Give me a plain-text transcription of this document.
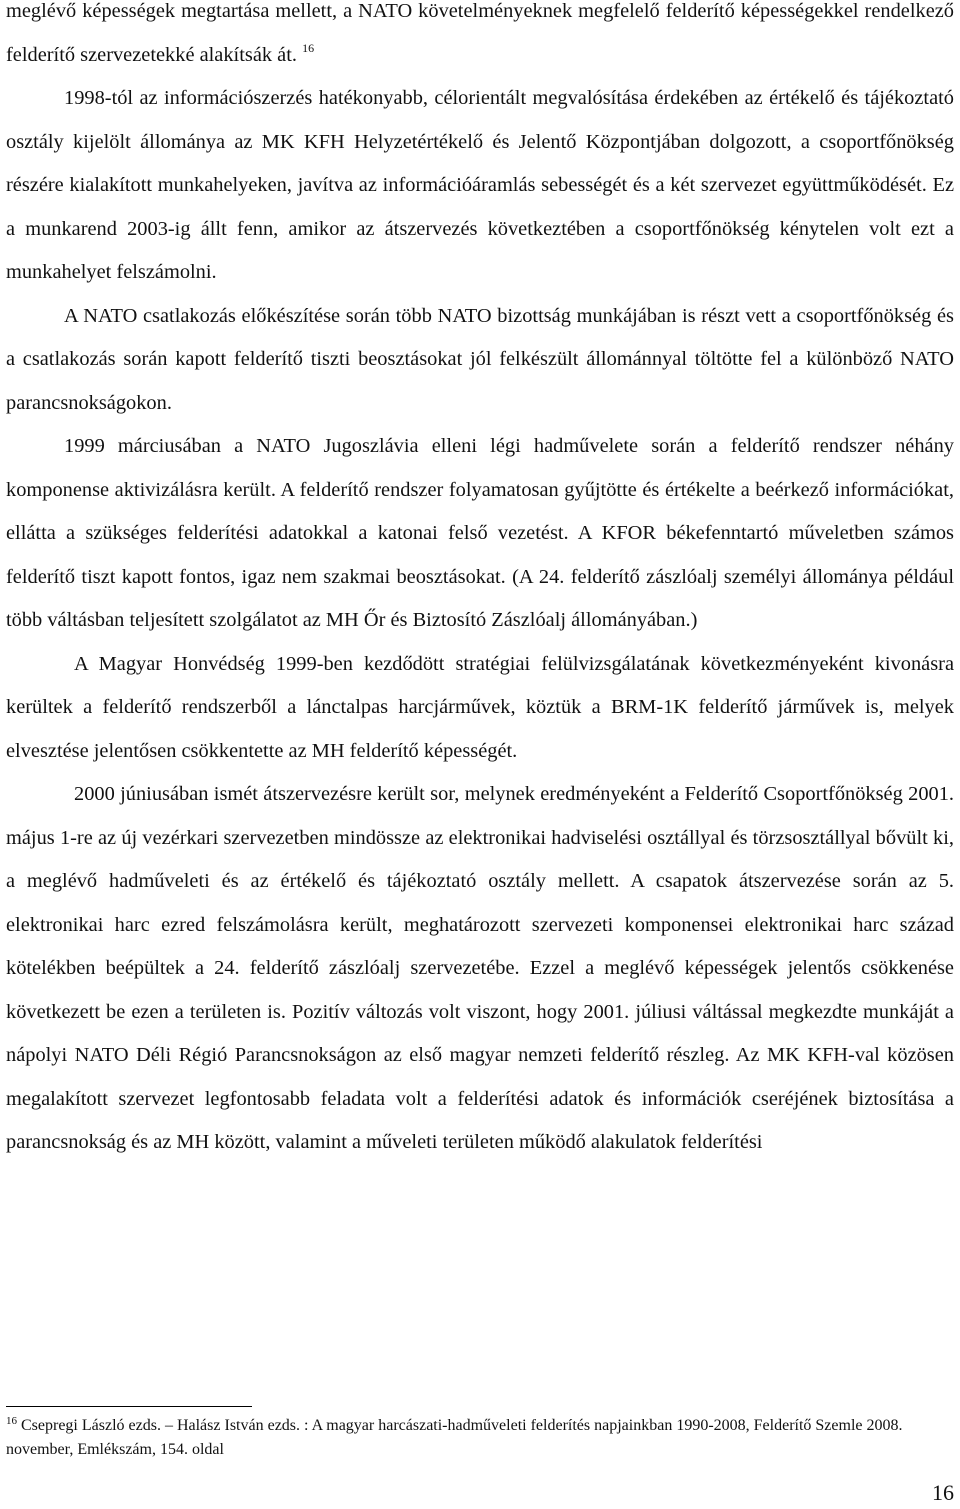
meglévő képességek megtartása mellett, a NATO követelményeknek megfelelő felderítő képességekkel rendelkező felderítő szervezetekké alakítsák át. $^{16}$

1998-tól az információszerzés hatékonyabb, célorientált megvalósítása érdekében az értékelő és tájékoztató osztály kijelölt állománya az MK KFH Helyzetértékelő és Jelentő Központjában dolgozott, a csoportfőnökség részére kialakított munkahelyeken, javítva az információáramlás sebességét és a két szervezet együttműködését. Ez a munkarend 2003-ig állt fenn, amikor az átszervezés következtében a csoportfőnökség kénytelen volt ezt a munkahelyet felszámolni.

A NATO csatlakozás előkészítése során több NATO bizottság munkájában is részt vett a csoportfőnökség és a csatlakozás során kapott felderítő tiszti beosztásokat jól felkészült állománnyal töltötte fel a különböző NATO parancsnokságokon.

1999 márciusában a NATO Jugoszlávia elleni légi hadművelete során a felderítő rendszer néhány komponense aktivizálásra került. A felderítő rendszer folyamatosan gyűjtötte és értékelte a beérkező információkat, ellátta a szükséges felderítési adatokkal a katonai felső vezetést. A KFOR békefenntartó műveletben számos felderítő tiszt kapott fontos, igaz nem szakmai beosztásokat. (A 24. felderítő zászlóalj személyi állománya például több váltásban teljesített szolgálatot az MH Őr és Biztosító Zászlóalj állományában.)

A Magyar Honvédség 1999-ben kezdődött stratégiai felülvizsgálatának következményeként kivonásra kerültek a felderítő rendszerből a lánctalpas harcjárművek, köztük a BRM-1K felderítő járművek is, melyek elvesztése jelentősen csökkentette az MH felderítő képességét.

2000 júniusában ismét átszervezésre került sor, melynek eredményeként a Felderítő Csoportfőnökség 2001. május 1-re az új vezérkari szervezetben mindössze az elektronikai hadviselési osztállyal és törzsosztállyal bővült ki, a meglévő hadműveleti és az értékelő és tájékoztató osztály mellett. A csapatok átszervezése során az 5. elektronikai harc ezred felszámolásra került, meghatározott szervezeti komponensei elektronikai harc század kötelékben beépültek a 24. felderítő zászlóalj szervezetébe. Ezzel a meglévő képességek jelentős csökkenése következett be ezen a területen is. Pozitív változás volt viszont, hogy 2001. júliusi váltással megkezdte munkáját a nápolyi NATO Déli Régió Parancsnokságon az első magyar nemzeti felderítő részleg. Az MK KFH-val közösen megalakított szervezet legfontosabb feladata volt a felderítési adatok és információk cseréjének biztosítása a parancsnokság és az MH között, valamint a műveleti területen működő alakulatok felderítési

$^{16}$ Csepregi László ezds. – Halász István ezds. : A magyar harcászati-hadműveleti felderítés napjainkban 1990-2008, Felderítő Szemle 2008. november, Emlékszám, 154. oldal

16
